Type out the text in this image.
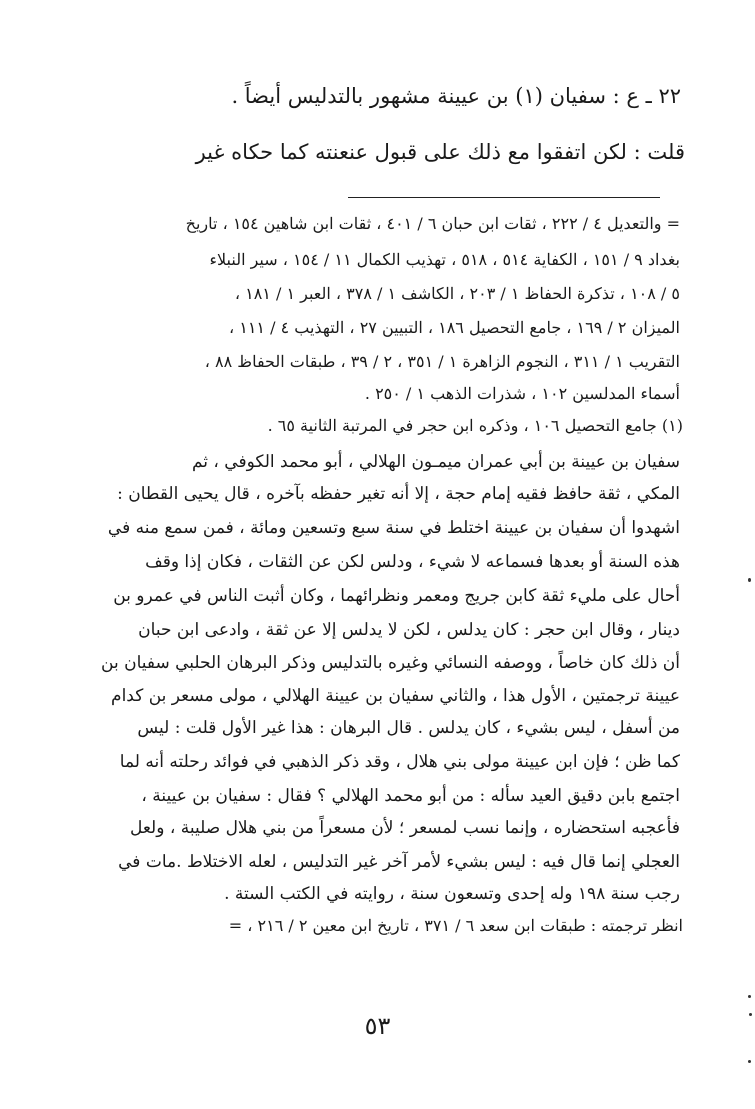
٢٢ ـ ع : سفيان (١) بن عيينة مشهور بالتدليس أيضاً .
قلت : لكن اتفقوا مع ذلك على قبول عنعنته كما حكاه غير
= والتعديل ٤ / ٢٢٢ ، ثقات ابن حبان ٦ / ٤٠١ ، ثقات ابن شاهين ١٥٤ ، تاريخ
بغداد ٩ / ١٥١ ، الكفاية ٥١٤ ، ٥١٨ ، تهذيب الكمال ١١ / ١٥٤ ، سير النبلاء
٥ / ١٠٨ ، تذكرة الحفاظ ١ / ٢٠٣ ، الكاشف ١ / ٣٧٨ ، العبر ١ / ١٨١ ،
الميزان ٢ / ١٦٩ ، جامع التحصيل ١٨٦ ، التبيين ٢٧ ، التهذيب ٤ / ١١١ ،
التقريب ١ / ٣١١ ، النجوم الزاهرة ١ / ٣٥١ ، ٢ / ٣٩ ، طبقات الحفاظ ٨٨ ،
أسماء المدلسين ١٠٢ ، شذرات الذهب ١ / ٢٥٠ .
(١) جامع التحصيل ١٠٦ ، وذكره ابن حجر في المرتبة الثانية ٦٥ .
سفيان بن عيينة بن أبي عمران ميمـون الهلالي ، أبو محمد الكوفي ، ثم
المكي ، ثقة حافظ فقيه إمام حجة ، إلا أنه تغير حفظه بآخره ، قال يحيى القطان :
اشهدوا أن سفيان بن عيينة اختلط في سنة سبع وتسعين ومائة ، فمن سمع منه في
هذه السنة أو بعدها فسماعه لا شيء ، ودلس لكن عن الثقات ، فكان إذا وقف
أحال على مليء ثقة كابن جريج ومعمر ونظرائهما ، وكان أثبت الناس في عمرو بن
دينار ، وقال ابن حجر : كان يدلس ، لكن لا يدلس إلا عن ثقة ، وادعى ابن حبان
أن ذلك كان خاصاً ، ووصفه النسائي وغيره بالتدليس وذكر البرهان الحلبي سفيان بن
عيينة ترجمتين ، الأول هذا ، والثاني سفيان بن عيينة الهلالي ، مولى مسعر بن كدام
من أسفل ، ليس بشيء ، كان يدلس . قال البرهان : هذا غير الأول قلت : ليس
كما ظن ؛ فإن ابن عيينة مولى بني هلال ، وقد ذكر الذهبي في فوائد رحلته أنه لما
اجتمع بابن دقيق العيد سأله : من أبو محمد الهلالي ؟ فقال : سفيان بن عيينة ،
فأعجبه استحضاره ، وإنما نسب لمسعر ؛ لأن مسعراً من بني هلال صليبة ، ولعل
العجلي إنما قال فيه : ليس بشيء لأمر آخر غير التدليس ، لعله الاختلاط .مات في
رجب سنة ١٩٨ وله إحدى وتسعون سنة ، روايته في الكتب الستة .
انظر ترجمته : طبقات ابن سعد ٦ / ٣٧١ ، تاريخ ابن معين ٢ / ٢١٦ ، =
٥٣
